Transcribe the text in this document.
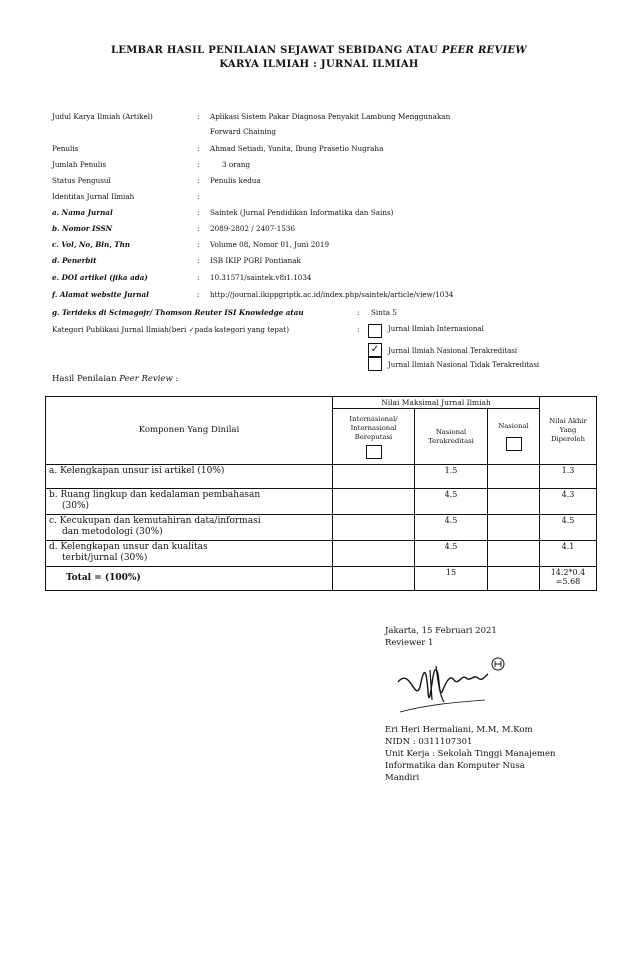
LEMBAR HASIL PENILAIAN SEJAWAT SEBIDANG ATAU PEER REVIEW
KARYA ILMIAH : JURNAL ILMIAH
Judul Karya Ilmiah (Artikel)	: Aplikasi Sistem Pakar Diagnosa Penyakit Lambung Menggunakan
Forward Chaining
Penulis	: Ahmad Setiadi, Yunita, Ibung Prasetio Nugraha
Jumlah Penulis	:	3 orang
Status Pengusul	: Penulis kedua
Identitas Jurnal Ilmiah	:
a. Nama Jurnal	: Saintek (Jurnal Pendidikan Informatika dan Sains)
b. Nomor ISSN	: 2089-2802 / 2407-1536
c. Vol, No, Bln, Thn	: Volume 08, Nomor 01, Juni 2019
d. Penerbit	: ISB IKIP PGRI Pontianak
e. DOI artikel (jika ada)	: 10.31571/saintek.v8i1.1034
f. Alamat website Jurnal	: http://journal.ikippgriptk.ac.id/index.php/saintek/article/view/1034
g. Terideks di Scimagojr/ Thomson Reuter ISI Knowledge atau	: Sinta 5
Kategori Publikasi Jurnal Ilmiah(beri ✓pada kategori yang tepat)	:	Jurnal Ilmiah Internasional
✓	Jurnal Ilmiah Nasional Terakreditasi
Jurnal Ilmiah Nasional Tidak Terakreditasi
Hasil Penilaian Peer Review :
Komponen Yang Dinilai	Nilai Maksimal Jurnal Ilmiah			Nilai Akhir Yang Diperoleh

	Internasional/ Internasional Bereputasi	Nasional Terakreditasi	Nasional	

a. Kelengkapan unsur isi artikel (10%)		1.5		1.3

b. Ruang lingkup dan kedalaman pembahasan
(30%)		4.5		4.3

c. Kecukupan dan kemutahiran data/informasi
dan metodologi (30%)		4.5		4.5

d. Kelengkapan unsur dan kualitas
terbit/jurnal (30%)		4.5		4.1
Total = (100%)		15		14.2*0.4
=5.68
Jakarta, 15 Februari 2021
Reviewer 1
Eri Heri Hermaliani, M.M, M.Kom
NIDN : 0311107301
Unit Kerja : Sekolah Tinggi Manajemen
Informatika dan Komputer Nusa
Mandiri
